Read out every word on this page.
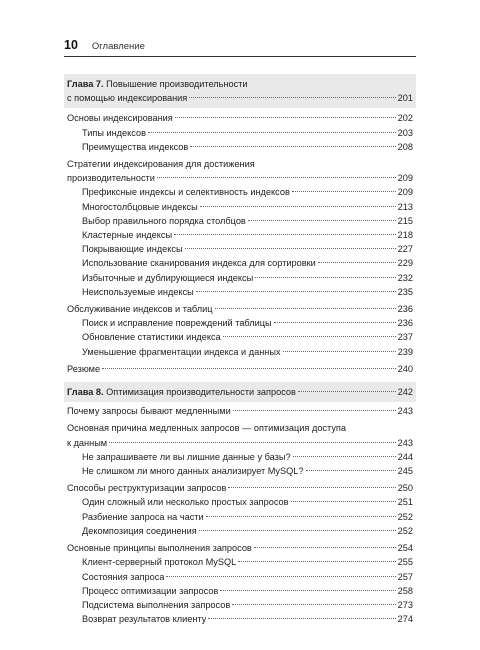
10 Оглавление
Глава 7. Повышение производительности
с помощью индексирования	201
Основы индексирования	202
Типы индексов	203
Преимущества индексов	208
Стратегии индексирования для достижения
производительности	209
Префиксные индексы и селективность индексов	209
Многостолбцовые индексы	213
Выбор правильного порядка столбцов	215
Кластерные индексы	218
Покрывающие индексы	227
Использование сканирования индекса для сортировки	229
Избыточные и дублирующиеся индексы	232
Неиспользуемые индексы	235
Обслуживание индексов и таблиц	236
Поиск и исправление повреждений таблицы	236
Обновление статистики индекса	237
Уменьшение фрагментации индекса и данных	239
Резюме	240
Глава 8. Оптимизация производительности запросов	242
Почему запросы бывают медленными	243
Основная причина медленных запросов — оптимизация доступа
к данным	243
Не запрашиваете ли вы лишние данные у базы?	244
Не слишком ли много данных анализирует MySQL?	245
Способы реструктуризации запросов	250
Один сложный или несколько простых запросов	251
Разбиение запроса на части	252
Декомпозиция соединения	252
Основные принципы выполнения запросов	254
Клиент-серверный протокол MySQL	255
Состояния запроса	257
Процесс оптимизации запросов	258
Подсистема выполнения запросов	273
Возврат результатов клиенту	274
